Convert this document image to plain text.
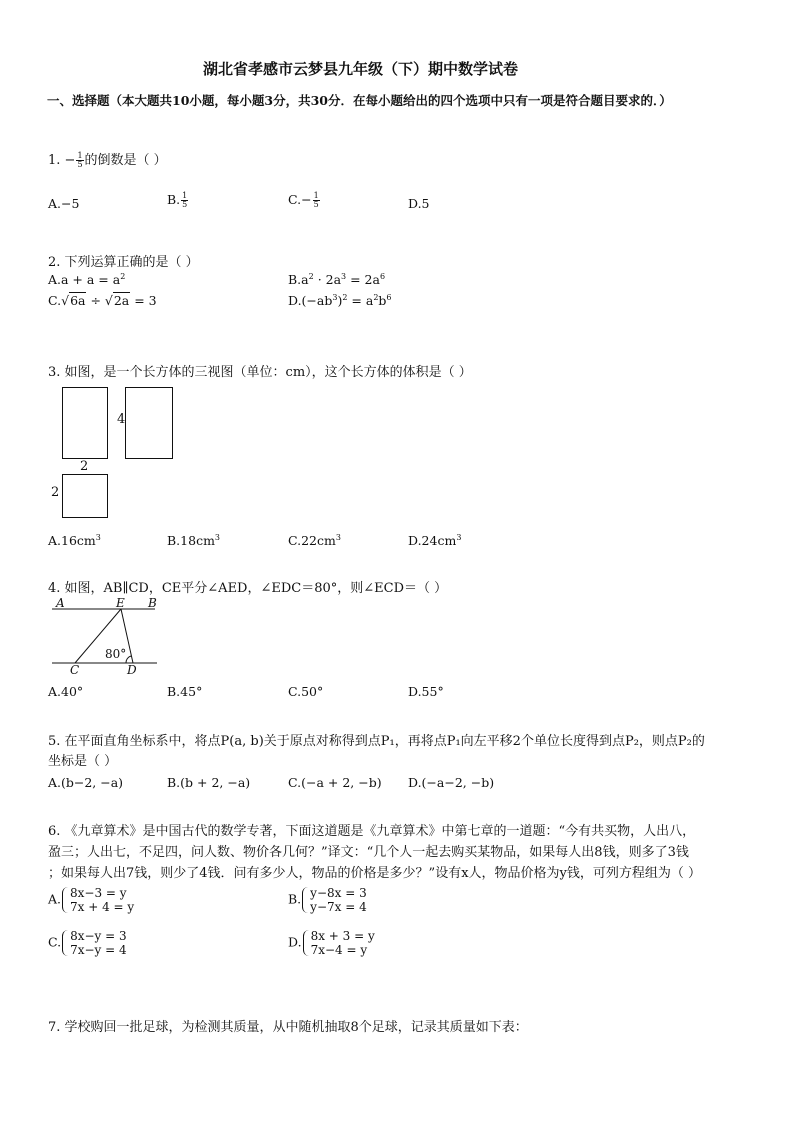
湖北省孝感市云梦县九年级（下）期中数学试卷
一、选择题（本大题共10小题，每小题3分，共30分．在每小题给出的四个选项中只有一项是符合题目要求的．）
1. − $\frac{1}{5}$ 的倒数是（ ）
A.−5	B. $\frac{1}{5}$	$C.- \frac{1}{5}$	D.5
2. 下列运算正确的是（ ）
$A.a + a = a^2$	$B.a^2 \cdot 2a^3 = 2a^6$
C.√6a ÷ √2a = 3	$D.(-ab^3)^2 = a^2b^6$
3. 如图，是一个长方体的三视图（单位：cm），这个长方体的体积是（ ）
4
2
2
$A.16cm^3$	$B.18cm^3$	$C.22cm^3$	$D.24cm^3$
4. 如图，AB∥CD，CE平分∠AED，∠EDC＝80°，则∠ECD＝（ ）
A	E B
C	D
80°
A.40°	B.45°	C.50°	D.55°
5. 在平面直角坐标系中，将点P(a, b)关于原点对称得到点P₁，再将点P₁向左平移2个单位长度得到点P₂，则点P₂的
坐标是（ ）
A.(b−2, −a)	B.(b + 2, −a)	C.(−a + 2, −b) D.(−a−2, −b)
6. 《九章算术》是中国古代的数学专著，下面这道题是《九章算术》中第七章的一道题：“今有共买物，人出八，
盈三；人出七，不足四，问人数、物价各几何？”译文：“几个人一起去购买某物品，如果每人出8钱，则多了3钱
；如果每人出7钱，则少了4钱．问有多少人，物品的价格是多少？”设有x人，物品价格为y钱，可列方程组为（ ）
A. 8x−3 = y
7x + 4 = y
B. y−8x = 3
y−7x = 4
C. 8x−y = 3
7x−y = 4
D. 8x + 3 = y
7x−4 = y
7. 学校购回一批足球，为检测其质量，从中随机抽取8个足球，记录其质量如下表：
